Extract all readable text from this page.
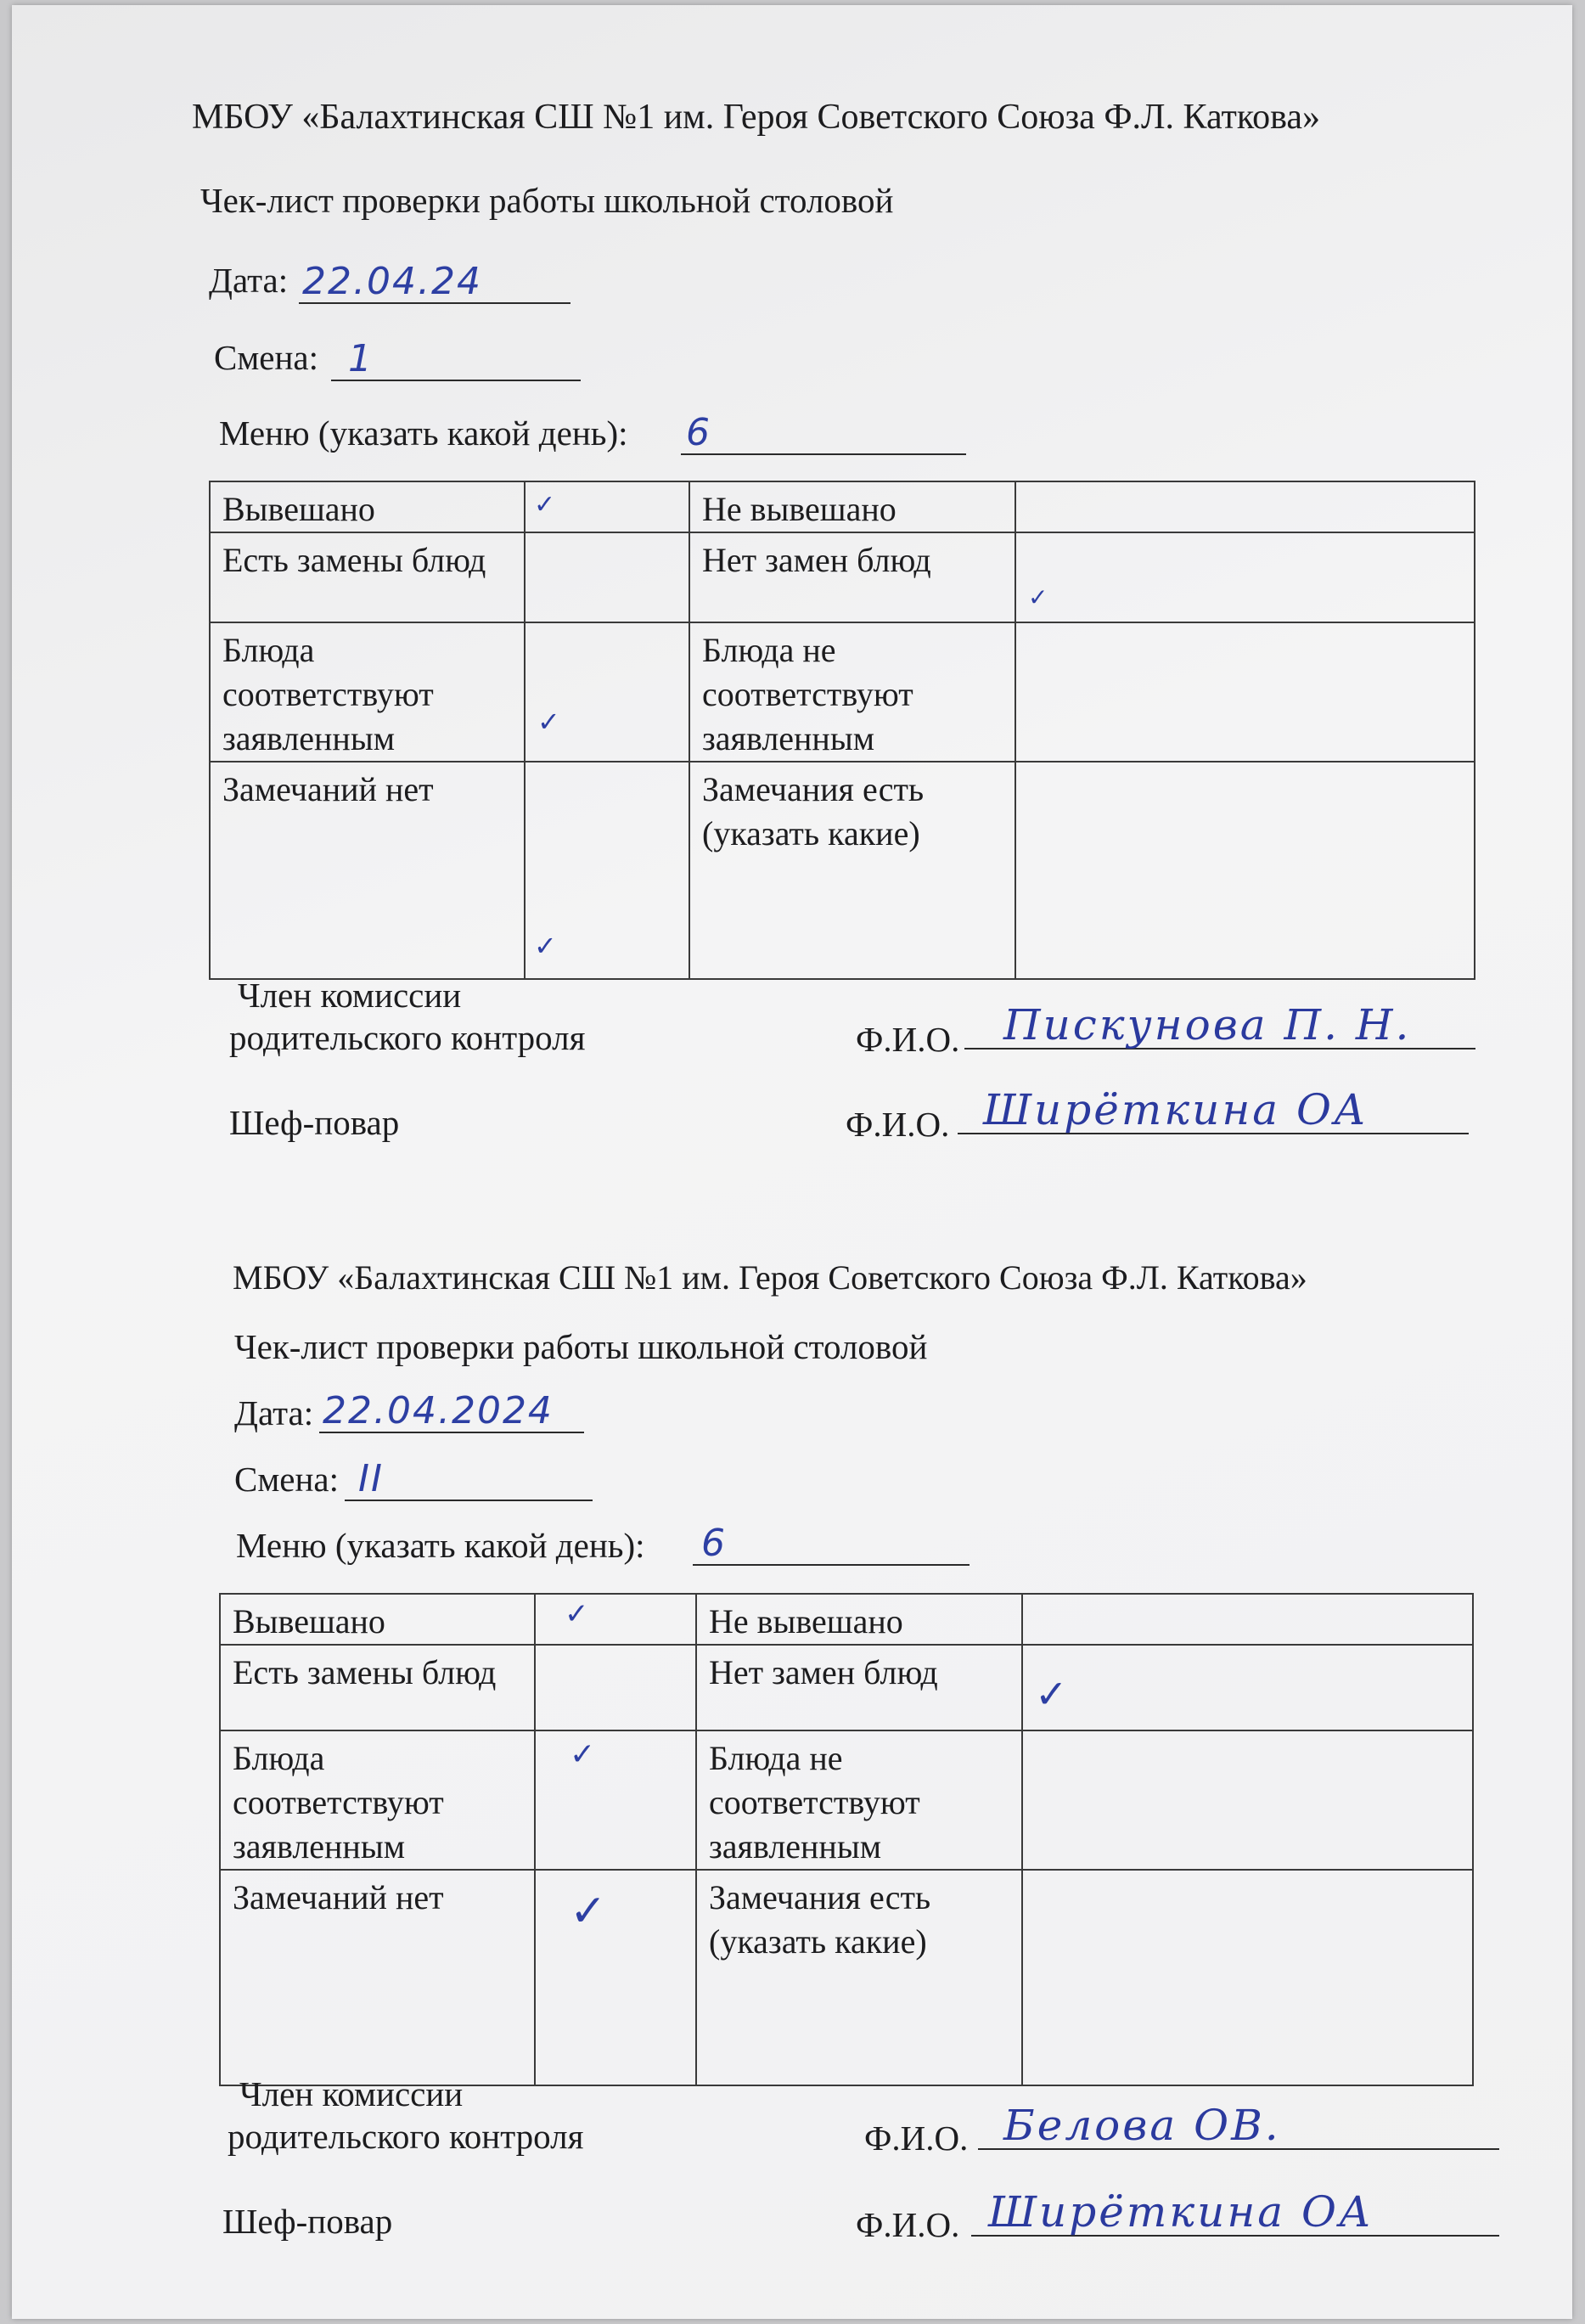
МБОУ «Балахтинская СШ №1 им. Героя Советского Союза Ф.Л. Каткова»
Чек-лист проверки работы школьной столовой
Дата: 22.04.24
Смена: 1
Меню (указать какой день): 6
Вывешано	✓	Не вывешано	

Есть замены блюд		Нет замен блюд	✓

Блюда соответствуют заявленным	✓	Блюда не соответствуют заявленным	

Замечаний нет	✓	Замечания есть (указать какие)	
Член комиссии
родительского контроля	Ф.И.О. Пискунова П. Н.
Шеф-повар	Ф.И.О. Ширёткина ОА
МБОУ «Балахтинская СШ №1 им. Героя Советского Союза Ф.Л. Каткова»
Чек-лист проверки работы школьной столовой
Дата: 22.04.2024
Смена: II
Меню (указать какой день): 6
Вывешано	✓	Не вывешано	

Есть замены блюд		Нет замен блюд	✓

Блюда соответствуют заявленным	✓	Блюда не соответствуют заявленным	

Замечаний нет	✓	Замечания есть (указать какие)	
Член комиссии
родительского контроля	Ф.И.О. Белова ОВ.
Шеф-повар	Ф.И.О. Ширёткина ОА
